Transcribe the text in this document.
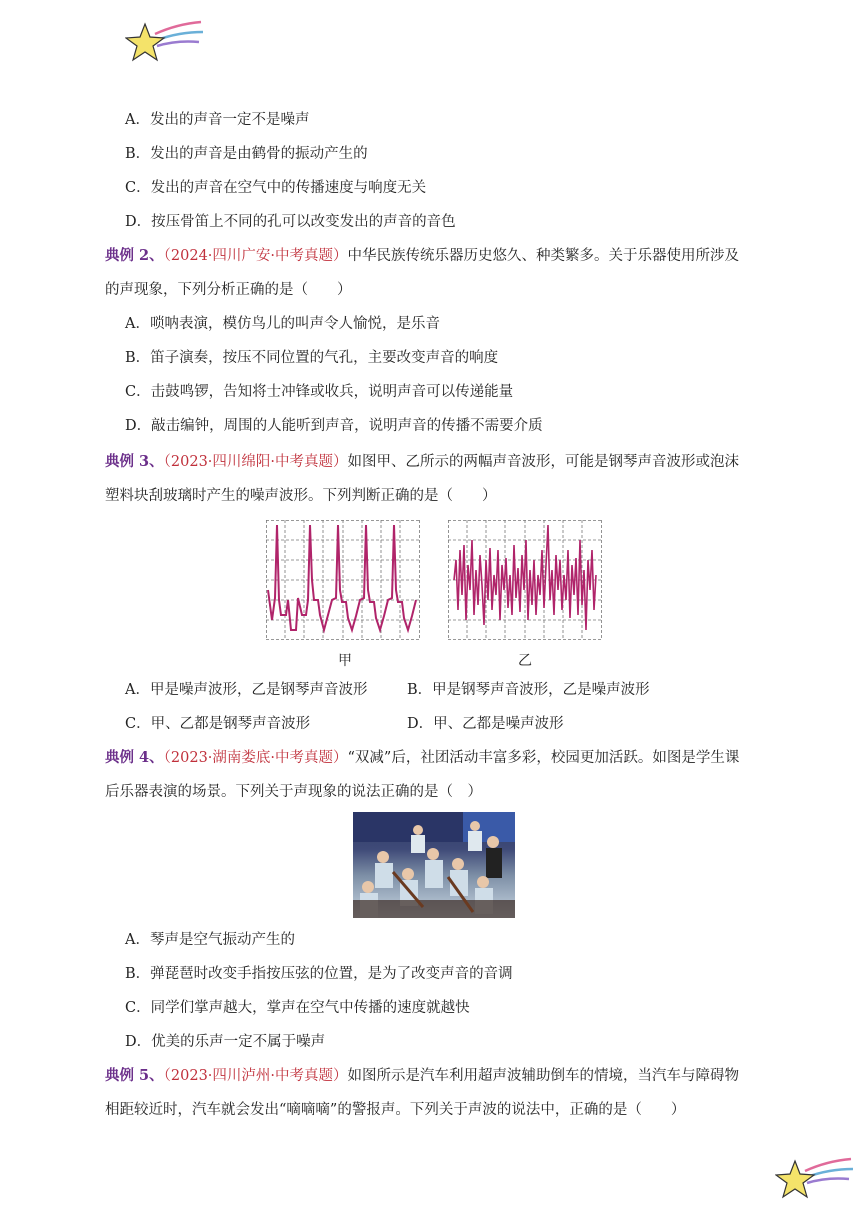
A．发出的声音一定不是噪声
B．发出的声音是由鹤骨的振动产生的
C．发出的声音在空气中的传播速度与响度无关
D．按压骨笛上不同的孔可以改变发出的声音的音色
典例 2、（2024·四川广安·中考真题）中华民族传统乐器历史悠久、种类繁多。关于乐器使用所涉及
的声现象，下列分析正确的是（　　）
A．唢呐表演，模仿鸟儿的叫声令人愉悦，是乐音
B．笛子演奏，按压不同位置的气孔，主要改变声音的响度
C．击鼓鸣锣，告知将士冲锋或收兵，说明声音可以传递能量
D．敲击编钟，周围的人能听到声音，说明声音的传播不需要介质
典例 3、（2023·四川绵阳·中考真题）如图甲、乙所示的两幅声音波形，可能是钢琴声音波形或泡沫
塑料块刮玻璃时产生的噪声波形。下列判断正确的是（　　）
甲	乙
A．甲是噪声波形，乙是钢琴声音波形	B．甲是钢琴声音波形，乙是噪声波形
C．甲、乙都是钢琴声音波形	D．甲、乙都是噪声波形
典例 4、（2023·湖南娄底·中考真题）“双减”后，社团活动丰富多彩，校园更加活跃。如图是学生课
后乐器表演的场景。下列关于声现象的说法正确的是（　）
A．琴声是空气振动产生的
B．弹琵琶时改变手指按压弦的位置，是为了改变声音的音调
C．同学们掌声越大，掌声在空气中传播的速度就越快
D．优美的乐声一定不属于噪声
典例 5、（2023·四川泸州·中考真题）如图所示是汽车利用超声波辅助倒车的情境，当汽车与障碍物
相距较近时，汽车就会发出“嘀嘀嘀”的警报声。下列关于声波的说法中，正确的是（　　）
